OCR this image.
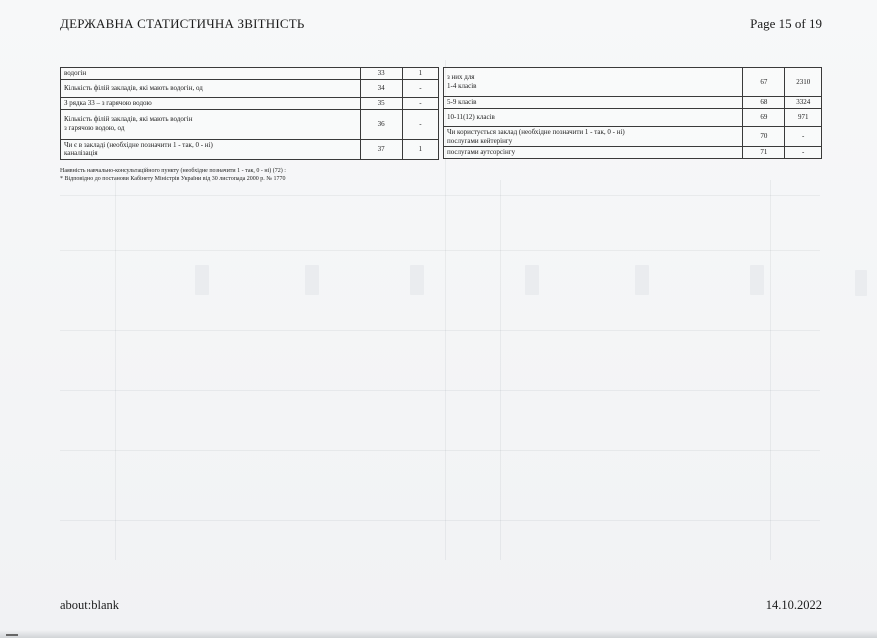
ДЕРЖАВНА СТАТИСТИЧНА ЗВІТНІСТЬ	Page 15 of 19
водогін	33	1
Кількість філій закладів, які мають водогін, од	34	-
З рядка 33 – з гарячою водою	35	-
Кількість філій закладів, які мають водогін
з гарячою водою, од	36	-
Чи є в закладі (необхідне позначити 1 - так, 0 - ні)
каналізація	37	1
з них для
1-4 класів	67	2310
5-9 класів	68	3324
10-11(12) класів	69	971
Чи користується заклад (необхідне позначити 1 - так, 0 - ні)
послугами кейтерінгу	70	-
послугами аутсорсінгу	71	-
Наявність навчально-консультаційного пункту (необхідне позначити 1 - так, 0 - ні) (72) :
* Відповідно до постанови Кабінету Міністрів України від 30 листопада 2000 р. № 1770
about:blank	14.10.2022
